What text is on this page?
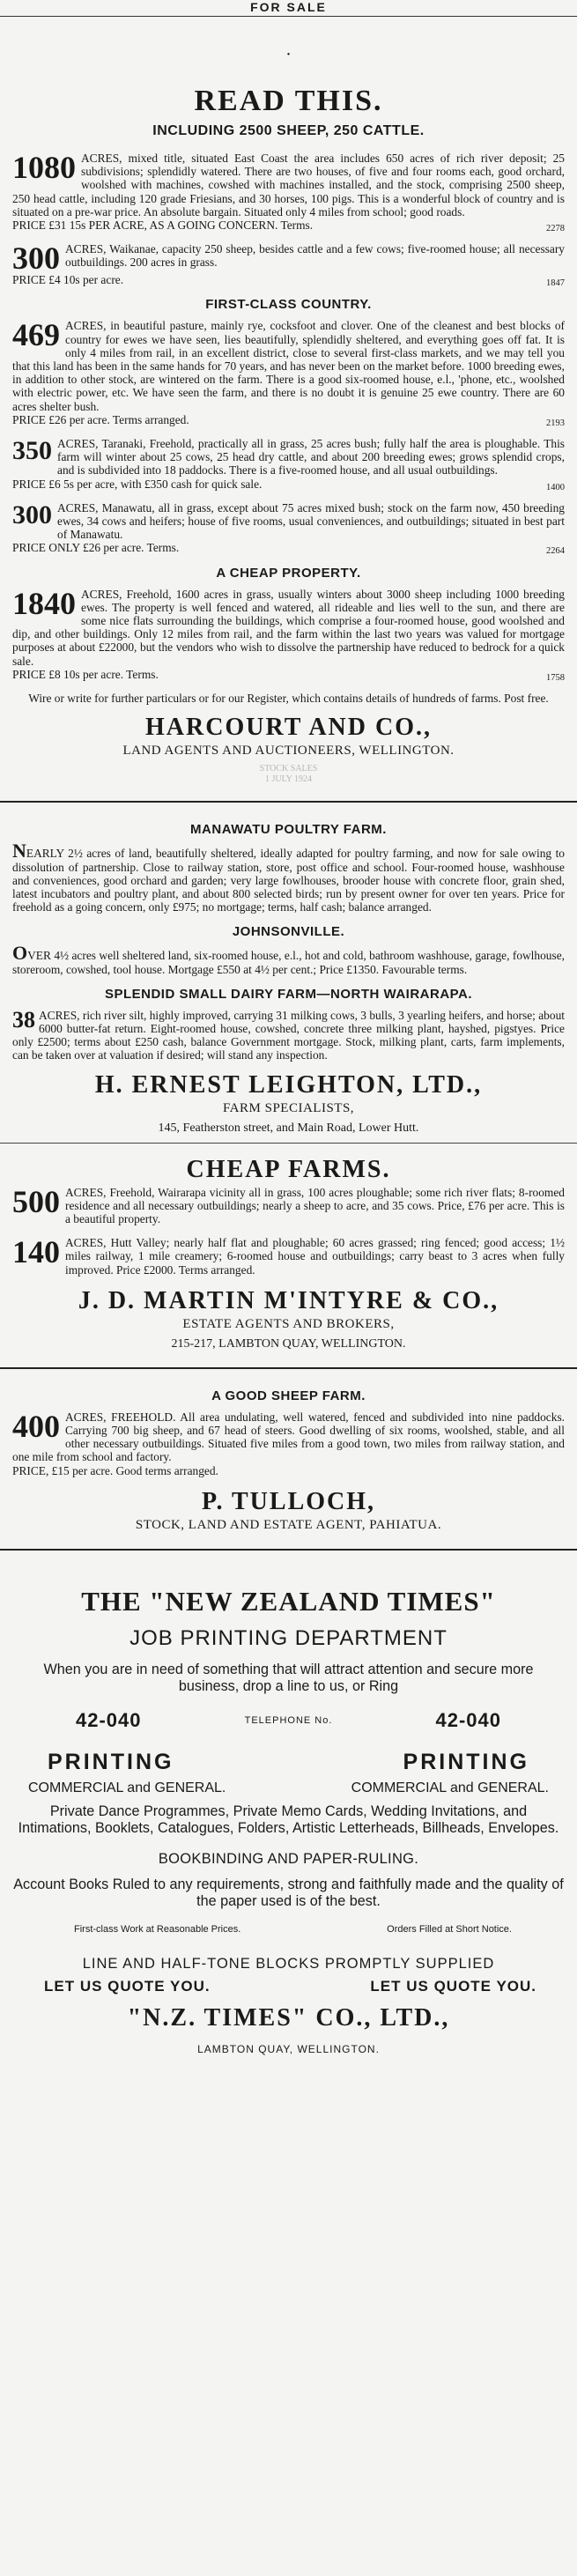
FOR SALE
•
READ THIS.
INCLUDING 2500 SHEEP, 250 CATTLE.
1080 ACRES, mixed title, situated East Coast the area includes 650 acres of rich river deposit; 25 subdivisions; splendidly watered. There are two houses, of five and four rooms each, good orchard, woolshed with machines, cowshed with machines installed, and the stock, comprising 2500 sheep, 250 head cattle, including 120 grade Friesians, and 30 horses, 100 pigs. This is a wonderful block of country and is situated on a pre-war price. An absolute bargain. Situated only 4 miles from school; good roads.
PRICE £31 15s PER ACRE, AS A GOING CONCERN. Terms.	2278
300 ACRES, Waikanae, capacity 250 sheep, besides cattle and a few cows; five-roomed house; all necessary outbuildings. 200 acres in grass.
PRICE £4 10s per acre.	1847
FIRST-CLASS COUNTRY.
469 ACRES, in beautiful pasture, mainly rye, cocksfoot and clover. One of the cleanest and best blocks of country for ewes we have seen, lies beautifully, splendidly sheltered, and everything goes off fat. It is only 4 miles from rail, in an excellent district, close to several first-class markets, and we may tell you that this land has been in the same hands for 70 years, and has never been on the market before. 1000 breeding ewes, in addition to other stock, are wintered on the farm. There is a good six-roomed house, e.l., 'phone, etc., woolshed with electric power, etc. We have seen the farm, and there is no doubt it is genuine 25 ewe country. There are 60 acres shelter bush.
PRICE £26 per acre. Terms arranged.	2193
350 ACRES, Taranaki, Freehold, practically all in grass, 25 acres bush; fully half the area is ploughable. This farm will winter about 25 cows, 25 head dry cattle, and about 200 breeding ewes; grows splendid crops, and is subdivided into 18 paddocks. There is a five-roomed house, and all usual outbuildings.
PRICE £6 5s per acre, with £350 cash for quick sale.	1400
300 ACRES, Manawatu, all in grass, except about 75 acres mixed bush; stock on the farm now, 450 breeding ewes, 34 cows and heifers; house of five rooms, usual conveniences, and outbuildings; situated in best part of Manawatu.
PRICE ONLY £26 per acre. Terms.	2264
A CHEAP PROPERTY.
1840 ACRES, Freehold, 1600 acres in grass, usually winters about 3000 sheep including 1000 breeding ewes. The property is well fenced and watered, all rideable and lies well to the sun, and there are some nice flats surrounding the buildings, which comprise a four-roomed house, good woolshed and dip, and other buildings. Only 12 miles from rail, and the farm within the last two years was valued for mortgage purposes at about £22000, but the vendors who wish to dissolve the partnership have reduced to bedrock for a quick sale.
PRICE £8 10s per acre. Terms.	1758
Wire or write for further particulars or for our Register, which contains details of hundreds of farms. Post free.
HARCOURT AND CO.,
LAND AGENTS AND AUCTIONEERS, WELLINGTON.
STOCK SALES
1 JULY 1924
MANAWATU POULTRY FARM.
NEARLY 2½ acres of land, beautifully sheltered, ideally adapted for poultry farming, and now for sale owing to dissolution of partnership. Close to railway station, store, post office and school. Four-roomed house, washhouse and conveniences, good orchard and garden; very large fowlhouses, brooder house with concrete floor, grain shed, latest incubators and poultry plant, and about 800 selected birds; run by present owner for over ten years. Price for freehold as a going concern, only £975; no mortgage; terms, half cash; balance arranged.
JOHNSONVILLE.
OVER 4½ acres well sheltered land, six-roomed house, e.l., hot and cold, bathroom washhouse, garage, fowlhouse, storeroom, cowshed, tool house. Mortgage £550 at 4½ per cent.; Price £1350. Favourable terms.
SPLENDID SMALL DAIRY FARM—NORTH WAIRARAPA.
38 ACRES, rich river silt, highly improved, carrying 31 milking cows, 3 bulls, 3 yearling heifers, and horse; about 6000 butter-fat return. Eight-roomed house, cowshed, concrete three milking plant, hayshed, pigstyes. Price only £2500; terms about £250 cash, balance Government mortgage. Stock, milking plant, carts, farm implements, can be taken over at valuation if desired; will stand any inspection.
H. ERNEST LEIGHTON, LTD.,
FARM SPECIALISTS,
145, Featherston street, and Main Road, Lower Hutt.
CHEAP FARMS.
500 ACRES, Freehold, Wairarapa vicinity all in grass, 100 acres ploughable; some rich river flats; 8-roomed residence and all necessary outbuildings; nearly a sheep to acre, and 35 cows. Price, £76 per acre. This is a beautiful property.
140 ACRES, Hutt Valley; nearly half flat and ploughable; 60 acres grassed; ring fenced; good access; 1½ miles railway, 1 mile creamery; 6-roomed house and outbuildings; carry beast to 3 acres when fully improved. Price £2000. Terms arranged.
J. D. MARTIN M'INTYRE & CO.,
ESTATE AGENTS AND BROKERS,
215-217, LAMBTON QUAY, WELLINGTON.
A GOOD SHEEP FARM.
400 ACRES, FREEHOLD. All area undulating, well watered, fenced and subdivided into nine paddocks. Carrying 700 big sheep, and 67 head of steers. Good dwelling of six rooms, woolshed, stable, and all other necessary outbuildings. Situated five miles from a good town, two miles from railway station, and one mile from school and factory.
PRICE, £15 per acre. Good terms arranged.
P. TULLOCH,
STOCK, LAND AND ESTATE AGENT, PAHIATUA.
THE "NEW ZEALAND TIMES"
JOB PRINTING DEPARTMENT
When you are in need of something that will attract attention and secure more business, drop a line to us, or Ring
42-040	TELEPHONE No.	42-040
PRINTING	PRINTING
COMMERCIAL and GENERAL.	COMMERCIAL and GENERAL.
Private Dance Programmes, Private Memo Cards, Wedding Invitations, and Intimations, Booklets, Catalogues, Folders, Artistic Letterheads, Billheads, Envelopes.
BOOKBINDING AND PAPER-RULING.
Account Books Ruled to any requirements, strong and faithfully made and the quality of the paper used is of the best.
First-class Work at Reasonable Prices.	Orders Filled at Short Notice.
LINE AND HALF-TONE BLOCKS PROMPTLY SUPPLIED
LET US QUOTE YOU.	LET US QUOTE YOU.
"N.Z. TIMES" CO., LTD.,
LAMBTON QUAY, WELLINGTON.
